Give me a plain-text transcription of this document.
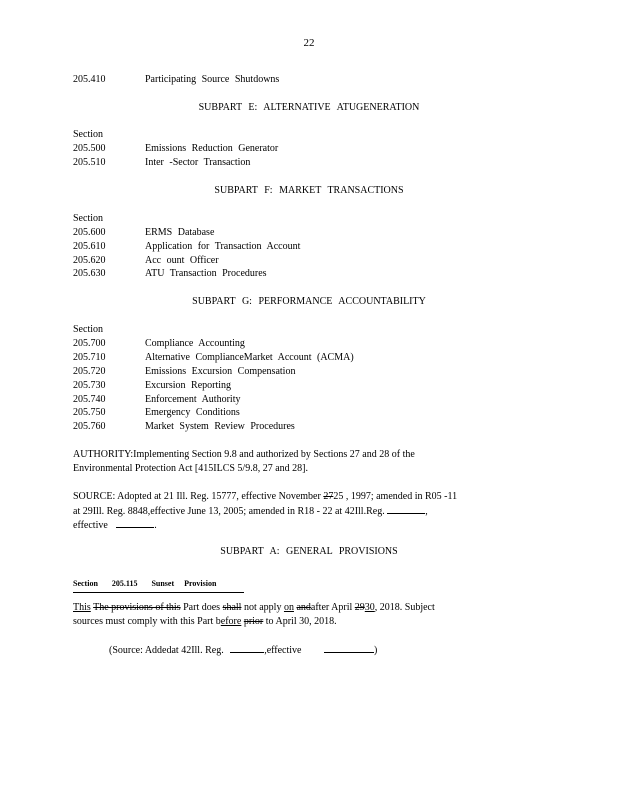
22
205.410	Participating Source Shutdowns
SUBPART E: ALTERNATIVE ATUGENERATION
Section
205.500	Emissions Reduction Generator
205.510	Inter -Sector Transaction
SUBPART F: MARKET TRANSACTIONS
Section
205.600	ERMS Database
205.610	Application for Transaction Account
205.620	Acc ount Officer
205.630	ATU Transaction Procedures
SUBPART G: PERFORMANCE ACCOUNTABILITY
Section
205.700	Compliance Accounting
205.710	Alternative ComplianceMarket Account (ACMA)
205.720	Emissions Excursion Compensation
205.730	Excursion Reporting
205.740	Enforcement Authority
205.750	Emergency Conditions
205.760	Market System Review Procedures
AUTHORITY:Implementing Section 9.8 and authorized by Sections 27 and 28 of the
Environmental Protection Act [415ILCS 5/9.8, 27 and 28].
SOURCE: Adopted at 21 Ill. Reg. 15777, effective November 2725 , 1997; amended in R05 -11
at 29Ill. Reg. 8848,effective June 13, 2005; amended in R18 - 22 at 42Ill.Reg.	,
effective	.
SUBPART A: GENERAL PROVISIONS
Section 205.115 Sunset Provision
This The provisions of this Part does shall not apply on andafter April 2930, 2018. Subject
sources must comply with this Part before prior to April 30, 2018.
(Source: Addedat 42Ill. Reg.	,effective	)
